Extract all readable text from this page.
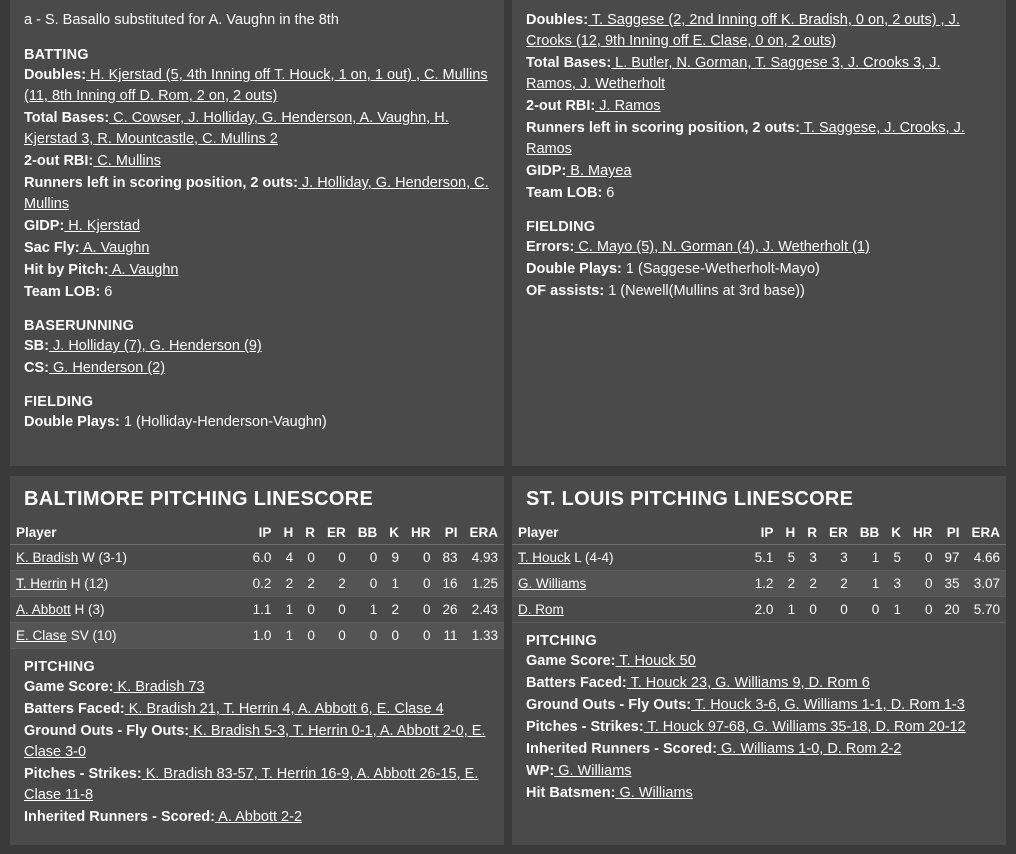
a - S. Basallo substituted for A. Vaughn in the 8th
BATTING
Doubles: H. Kjerstad (5, 4th Inning off T. Houck, 1 on, 1 out) , C. Mullins (11, 8th Inning off D. Rom, 2 on, 2 outs)
Total Bases: C. Cowser, J. Holliday, G. Henderson, A. Vaughn, H. Kjerstad 3, R. Mountcastle, C. Mullins 2
2-out RBI: C. Mullins
Runners left in scoring position, 2 outs: J. Holliday, G. Henderson, C. Mullins
GIDP: H. Kjerstad
Sac Fly: A. Vaughn
Hit by Pitch: A. Vaughn
Team LOB: 6
BASERUNNING
SB: J. Holliday (7), G. Henderson (9)
CS: G. Henderson (2)
FIELDING
Double Plays: 1 (Holliday-Henderson-Vaughn)
Doubles: T. Saggese (2, 2nd Inning off K. Bradish, 0 on, 2 outs) , J. Crooks (12, 9th Inning off E. Clase, 0 on, 2 outs)
Total Bases: L. Butler, N. Gorman, T. Saggese 3, J. Crooks 3, J. Ramos, J. Wetherholt
2-out RBI: J. Ramos
Runners left in scoring position, 2 outs: T. Saggese, J. Crooks, J. Ramos
GIDP: B. Mayea
Team LOB: 6
FIELDING
Errors: C. Mayo (5), N. Gorman (4), J. Wetherholt (1)
Double Plays: 1 (Saggese-Wetherholt-Mayo)
OF assists: 1 (Newell(Mullins at 3rd base))
BALTIMORE PITCHING LINESCORE
Player	IP	H	R	ER	BB	K	HR	PI	ERA
K. Bradish W (3-1)	6.0	4	0	0	0	9	0	83	4.93
T. Herrin H (12)	0.2	2	2	2	0	1	0	16	1.25
A. Abbott H (3)	1.1	1	0	0	1	2	0	26	2.43
E. Clase SV (10)	1.0	1	0	0	0	0	0	11	1.33
PITCHING
Game Score: K. Bradish 73
Batters Faced: K. Bradish 21, T. Herrin 4, A. Abbott 6, E. Clase 4
Ground Outs - Fly Outs: K. Bradish 5-3, T. Herrin 0-1, A. Abbott 2-0, E. Clase 3-0
Pitches - Strikes: K. Bradish 83-57, T. Herrin 16-9, A. Abbott 26-15, E. Clase 11-8
Inherited Runners - Scored: A. Abbott 2-2
ST. LOUIS PITCHING LINESCORE
Player	IP	H	R	ER	BB	K	HR	PI	ERA
T. Houck L (4-4)	5.1	5	3	3	1	5	0	97	4.66
G. Williams	1.2	2	2	2	1	3	0	35	3.07
D. Rom	2.0	1	0	0	0	1	0	20	5.70
PITCHING
Game Score: T. Houck 50
Batters Faced: T. Houck 23, G. Williams 9, D. Rom 6
Ground Outs - Fly Outs: T. Houck 3-6, G. Williams 1-1, D. Rom 1-3
Pitches - Strikes: T. Houck 97-68, G. Williams 35-18, D. Rom 20-12
Inherited Runners - Scored: G. Williams 1-0, D. Rom 2-2
WP: G. Williams
Hit Batsmen: G. Williams
